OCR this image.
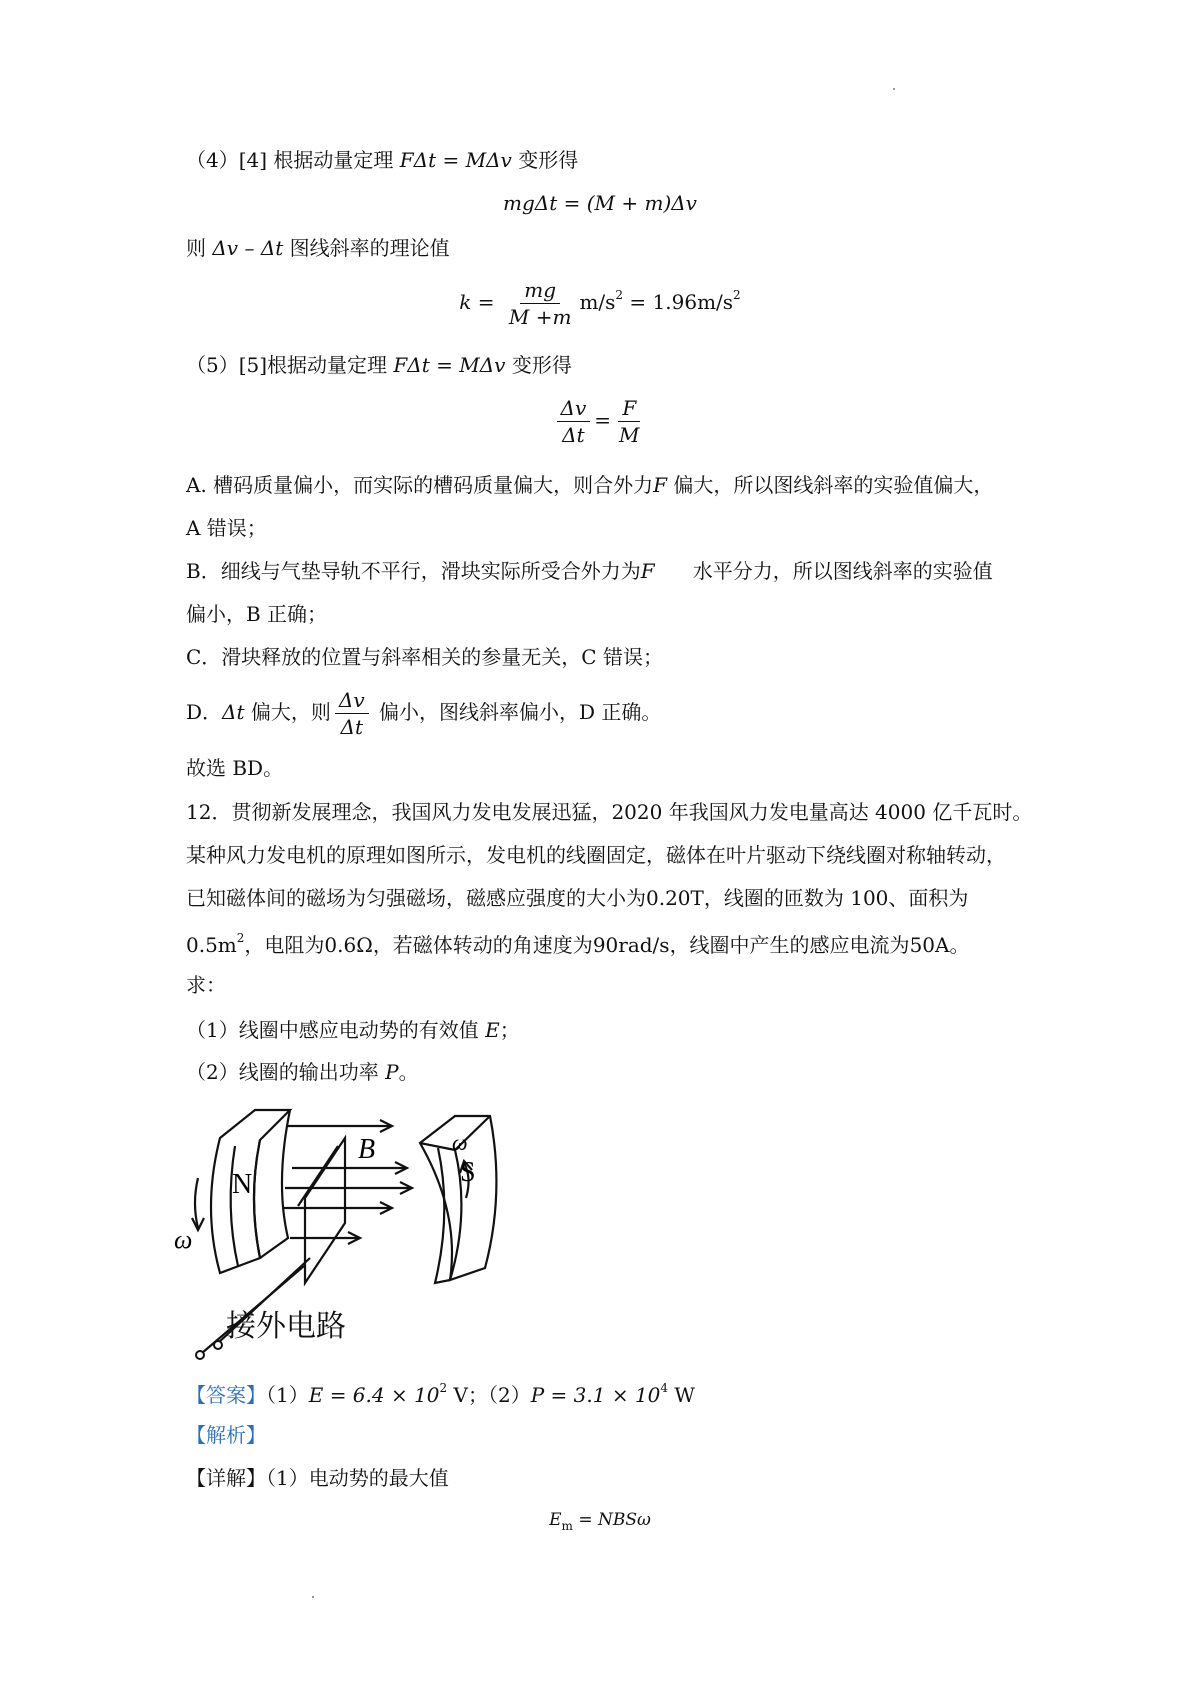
（4）[4] 根据动量定理 FΔt = MΔv 变形得
mgΔt = (M + m)Δv
则 Δv – Δt 图线斜率的理论值
$k = \frac{mg}{M +m} m/s^2 = 1.96m/s^2$
（5）[5]根据动量定理 FΔt = MΔv 变形得
$\frac{\Delta v}{\Delta t} = \frac{F}{M}$
A. 槽码质量偏小，而实际的槽码质量偏大，则合外力F 偏大，所以图线斜率的实验值偏大，
A 错误；
B．细线与气垫导轨不平行，滑块实际所受合外力为F      水平分力，所以图线斜率的实验值
偏小，B 正确；
C．滑块释放的位置与斜率相关的参量无关，C 错误；
D．Δt 偏大，则 $\frac{\Delta v}{\Delta t}$ 偏小，图线斜率偏小，D 正确。
故选 BD。
12．贯彻新发展理念，我国风力发电发展迅猛，2020 年我国风力发电量高达 4000 亿千瓦时。
某种风力发电机的原理如图所示，发电机的线圈固定，磁体在叶片驱动下绕线圈对称轴转动，
已知磁体间的磁场为匀强磁场，磁感应强度的大小为0.20T，线圈的匝数为 100、面积为
$0.5m^2$，电阻为0.6Ω，若磁体转动的角速度为90rad/s，线圈中产生的感应电流为50A。
求：
（1）线圈中感应电动势的有效值 E；
（2）线圈的输出功率 P。
N	S
B
ω
ω
接外电路
【答案】$(1)E = 6.4 \times 10^2$ V；$(2)P = 3.1 \times 10^4$ W
【解析】
【详解】（1）电动势的最大值
$E_m = NBS\omega$
